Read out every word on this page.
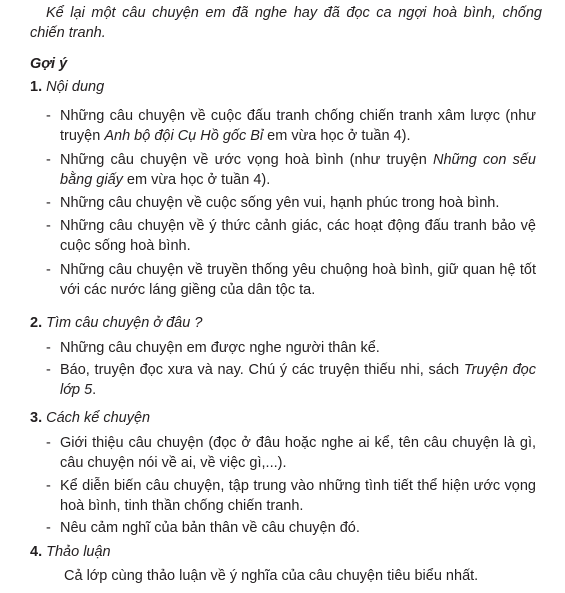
Kể lại một câu chuyện em đã nghe hay đã đọc ca ngợi hoà bình, chống chiến tranh.
Gợi ý
1. Nội dung
- Những câu chuyện về cuộc đấu tranh chống chiến tranh xâm lược (như truyện Anh bộ đội Cụ Hồ gốc Bỉ em vừa học ở tuần 4).
- Những câu chuyện về ước vọng hoà bình (như truyện Những con sếu bằng giấy em vừa học ở tuần 4).
- Những câu chuyện về cuộc sống yên vui, hạnh phúc trong hoà bình.
- Những câu chuyện về ý thức cảnh giác, các hoạt động đấu tranh bảo vệ cuộc sống hoà bình.
- Những câu chuyện về truyền thống yêu chuộng hoà bình, giữ quan hệ tốt với các nước láng giềng của dân tộc ta.
2. Tìm câu chuyện ở đâu ?
- Những câu chuyện em được nghe người thân kể.
- Báo, truyện đọc xưa và nay. Chú ý các truyện thiếu nhi, sách Truyện đọc lớp 5.
3. Cách kể chuyện
- Giới thiệu câu chuyện (đọc ở đâu hoặc nghe ai kể, tên câu chuyện là gì, câu chuyện nói về ai, về việc gì,...).
- Kể diễn biến câu chuyện, tập trung vào những tình tiết thể hiện ước vọng hoà bình, tinh thần chống chiến tranh.
- Nêu cảm nghĩ của bản thân về câu chuyện đó.
4. Thảo luận
Cả lớp cùng thảo luận về ý nghĩa của câu chuyện tiêu biểu nhất.
